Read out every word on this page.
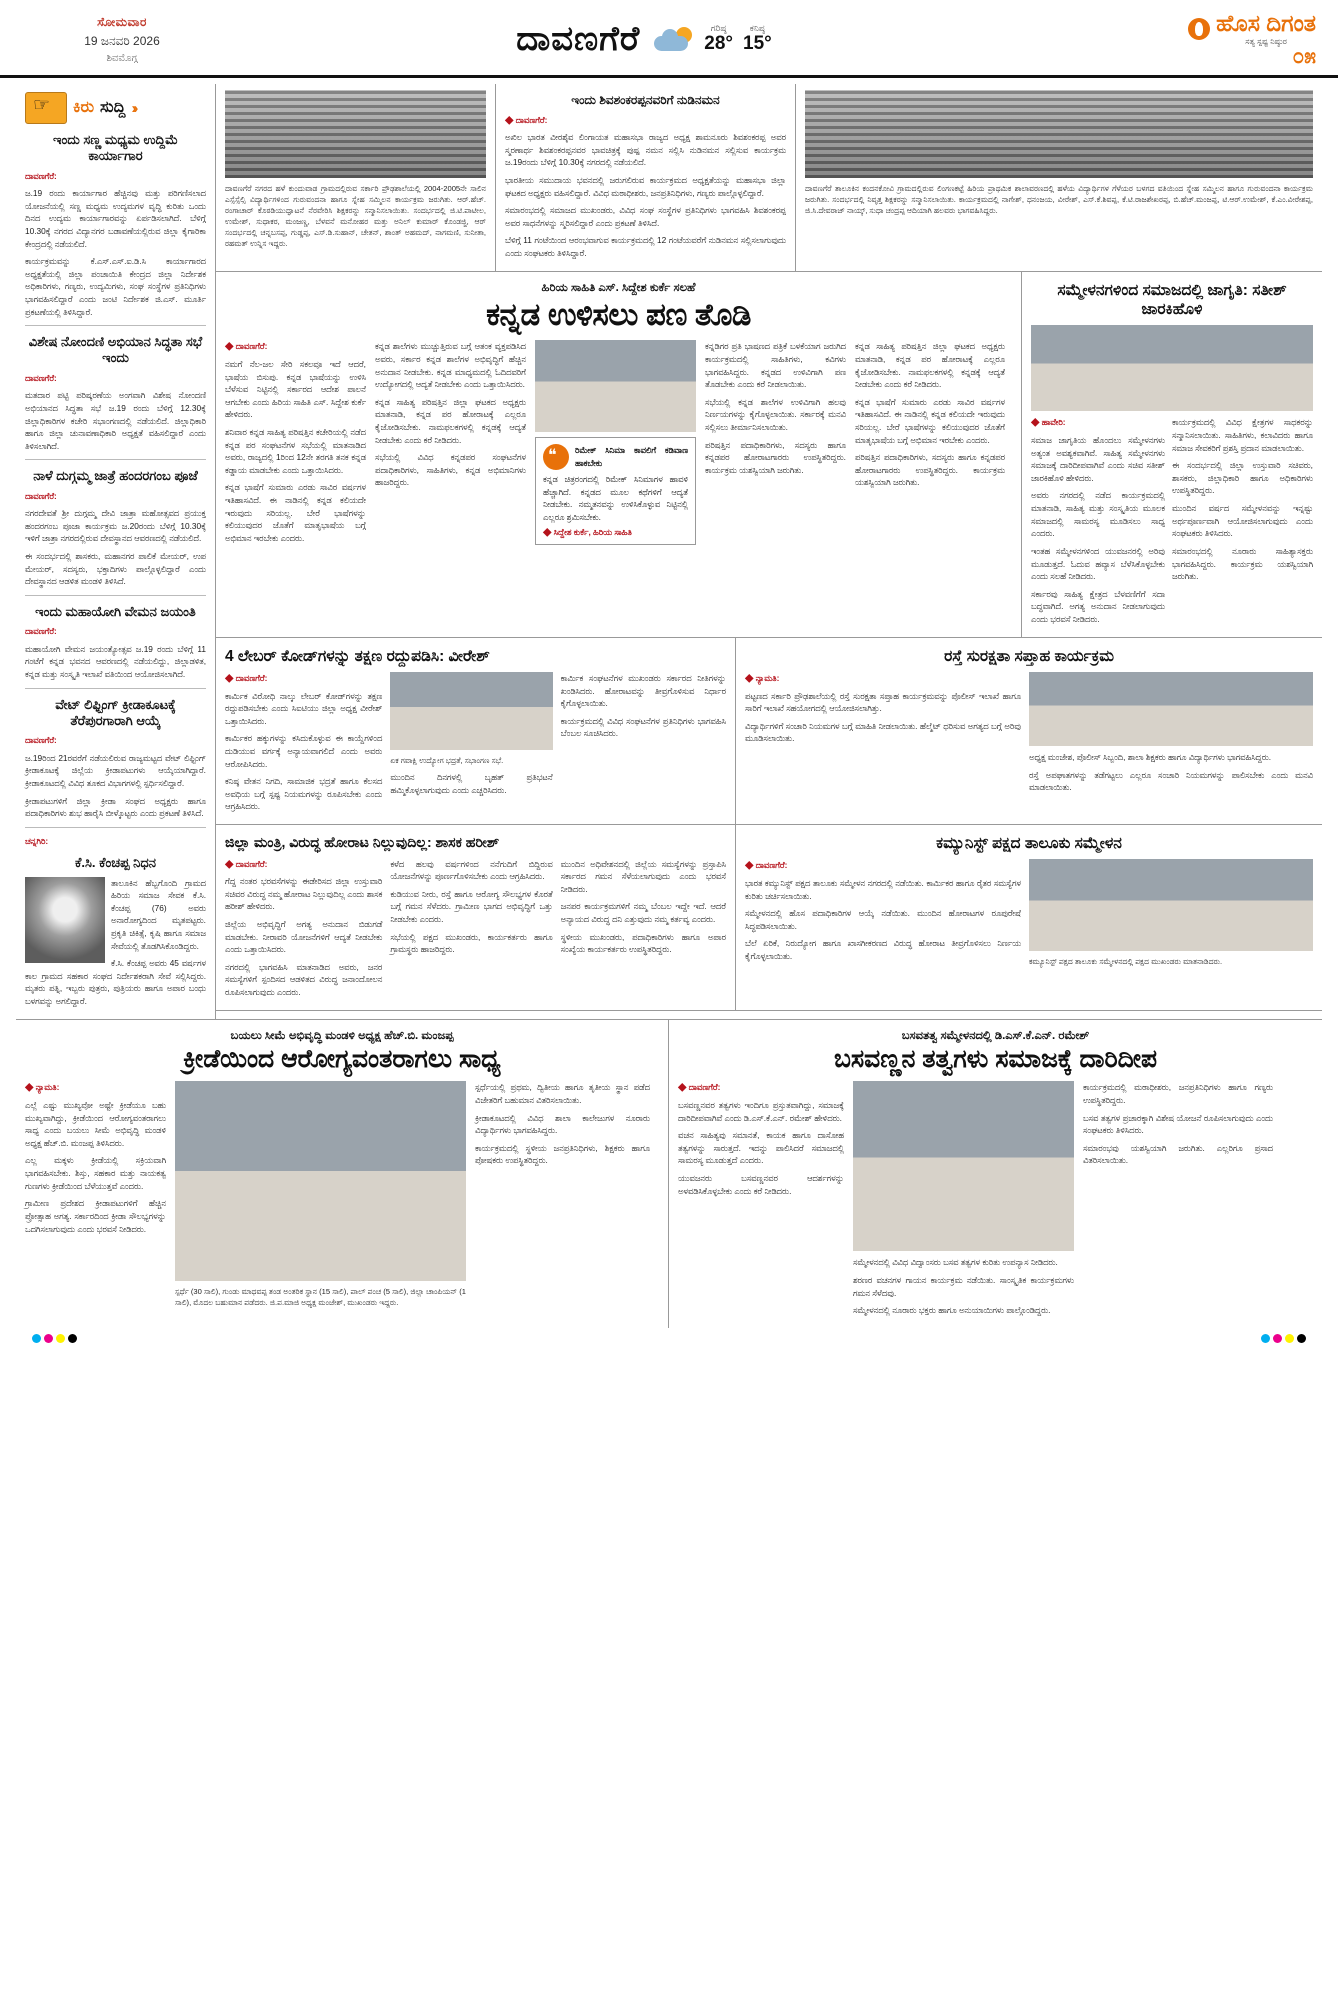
ಸೋಮವಾರ
19 ಜನವರಿ 2026
ಶಿವಮೊಗ್ಗ
ದಾವಣಗೆರೆ	ಗರಿಷ್ಠ
28°
ಕನಿಷ್ಠ
15°
ಹೊಸ ದಿಗಂತ
ಸತ್ಯ ಸ್ಪಷ್ಟ ನಿಷ್ಠುರ
೦೫
☞
ಕಿರು ಸುದ್ದಿ ››
ಇಂದು ಸಣ್ಣ ಮಧ್ಯಮ ಉದ್ದಿಮೆ ಕಾರ್ಯಾಗಾರ

ದಾವಣಗೆರೆ:

ಜ.19 ರಂದು ಕಾರ್ಯಾಗಾರ ಹೆಚ್ಚಿನವು ಮತ್ತು ಪರಿಗಣಿಸಲಾದ ಯೋಜನೆಯಲ್ಲಿ ಸಣ್ಣ ಮಧ್ಯಮ ಉದ್ಯಮಗಳ ವೃದ್ಧಿ ಕುರಿತು ಒಂದು ದಿನದ ಉದ್ಯಮ ಕಾರ್ಯಾಗಾರವನ್ನು ಏರ್ಪಡಿಸಲಾಗಿದೆ. ಬೆಳಿಗ್ಗೆ 10.30ಕ್ಕೆ ನಗರದ ವಿದ್ಯಾನಗರ ಬಡಾವಣೆಯಲ್ಲಿರುವ ಜಿಲ್ಲಾ ಕೈಗಾರಿಕಾ ಕೇಂದ್ರದಲ್ಲಿ ನಡೆಯಲಿದೆ.

ಕಾರ್ಯಕ್ರಮವನ್ನು ಕೆ.ಎಸ್.ಎಸ್.ಐ.ಡಿ.ಸಿ ಕಾರ್ಯಾಗಾರದ ಅಧ್ಯಕ್ಷತೆಯಲ್ಲಿ ಜಿಲ್ಲಾ ಪಂಚಾಯಿತಿ ಕೇಂದ್ರದ ಜಿಲ್ಲಾ ನಿರ್ದೇಶಕ ಅಧಿಕಾರಿಗಳು, ಗಣ್ಯರು, ಉದ್ಯಮಿಗಳು, ಸಂಘ ಸಂಸ್ಥೆಗಳ ಪ್ರತಿನಿಧಿಗಳು ಭಾಗವಹಿಸಲಿದ್ದಾರೆ ಎಂದು ಜಂಟಿ ನಿರ್ದೇಶಕ ಜಿ.ಎಸ್. ಮೂರ್ತಿ ಪ್ರಕಟಣೆಯಲ್ಲಿ ತಿಳಿಸಿದ್ದಾರೆ.

ವಿಶೇಷ ನೋಂದಣಿ ಅಭಿಯಾನ ಸಿದ್ಧತಾ ಸಭೆ ಇಂದು

ದಾವಣಗೆರೆ:

ಮತದಾರ ಪಟ್ಟಿ ಪರಿಷ್ಕರಣೆಯ ಅಂಗವಾಗಿ ವಿಶೇಷ ನೋಂದಣಿ ಅಭಿಯಾನದ ಸಿದ್ಧತಾ ಸಭೆ ಜ.19 ರಂದು ಬೆಳಿಗ್ಗೆ 12.30ಕ್ಕೆ ಜಿಲ್ಲಾಧಿಕಾರಿಗಳ ಕಚೇರಿ ಸಭಾಂಗಣದಲ್ಲಿ ನಡೆಯಲಿದೆ. ಜಿಲ್ಲಾಧಿಕಾರಿ ಹಾಗೂ ಜಿಲ್ಲಾ ಚುನಾವಣಾಧಿಕಾರಿ ಅಧ್ಯಕ್ಷತೆ ವಹಿಸಲಿದ್ದಾರೆ ಎಂದು ತಿಳಿಸಲಾಗಿದೆ.

ನಾಳೆ ದುಗ್ಗಮ್ಮ ಜಾತ್ರೆ ಹಂದರಗಂಬ ಪೂಜೆ

ದಾವಣಗೆರೆ:

ನಗರದೇವತೆ ಶ್ರೀ ದುಗ್ಗಮ್ಮ ದೇವಿ ಜಾತ್ರಾ ಮಹೋತ್ಸವದ ಪ್ರಯುಕ್ತ ಹಂದರಗಂಬ ಪೂಜಾ ಕಾರ್ಯಕ್ರಮ ಜ.20ರಂದು ಬೆಳಿಗ್ಗೆ 10.30ಕ್ಕೆ ಇಳಿಗೆ ಜಾತ್ರಾ ನಗರದಲ್ಲಿರುವ ದೇವಸ್ಥಾನದ ಆವರಣದಲ್ಲಿ ನಡೆಯಲಿದೆ.

ಈ ಸಂದರ್ಭದಲ್ಲಿ ಶಾಸಕರು, ಮಹಾನಗರ ಪಾಲಿಕೆ ಮೇಯರ್, ಉಪ ಮೇಯರ್, ಸದಸ್ಯರು, ಭಕ್ತಾದಿಗಳು ಪಾಲ್ಗೊಳ್ಳಲಿದ್ದಾರೆ ಎಂದು ದೇವಸ್ಥಾನದ ಆಡಳಿತ ಮಂಡಳಿ ತಿಳಿಸಿದೆ.

ಇಂದು ಮಹಾಯೋಗಿ ವೇಮನ ಜಯಂತಿ

ದಾವಣಗೆರೆ:

ಮಹಾಯೋಗಿ ವೇಮನ ಜಯಂತ್ಯೋತ್ಸವ ಜ.19 ರಂದು ಬೆಳಿಗ್ಗೆ 11 ಗಂಟೆಗೆ ಕನ್ನಡ ಭವನದ ಆವರಣದಲ್ಲಿ ನಡೆಯಲಿದ್ದು, ಜಿಲ್ಲಾಡಳಿತ, ಕನ್ನಡ ಮತ್ತು ಸಂಸ್ಕೃತಿ ಇಲಾಖೆ ವತಿಯಿಂದ ಆಯೋಜಿಸಲಾಗಿದೆ.

ವೇಟ್ ಲಿಫ್ಟಿಂಗ್ ಕ್ರೀಡಾಕೂಟಕ್ಕೆ ತೆರೆಪುರಗಾರಾಗಿ ಆಯ್ಕೆ

ದಾವಣಗೆರೆ:

ಜ.19ರಿಂದ 21ರವರೆಗೆ ನಡೆಯಲಿರುವ ರಾಜ್ಯಮಟ್ಟದ ವೇಟ್ ಲಿಫ್ಟಿಂಗ್ ಕ್ರೀಡಾಕೂಟಕ್ಕೆ ಜಿಲ್ಲೆಯ ಕ್ರೀಡಾಪಟುಗಳು ಆಯ್ಕೆಯಾಗಿದ್ದಾರೆ. ಕ್ರೀಡಾಕೂಟದಲ್ಲಿ ವಿವಿಧ ತೂಕದ ವಿಭಾಗಗಳಲ್ಲಿ ಸ್ಪರ್ಧಿಸಲಿದ್ದಾರೆ.

ಕ್ರೀಡಾಪಟುಗಳಿಗೆ ಜಿಲ್ಲಾ ಕ್ರೀಡಾ ಸಂಘದ ಅಧ್ಯಕ್ಷರು ಹಾಗೂ ಪದಾಧಿಕಾರಿಗಳು ಶುಭ ಹಾರೈಸಿ ಬೀಳ್ಕೊಟ್ಟರು ಎಂದು ಪ್ರಕಟಣೆ ತಿಳಿಸಿದೆ.

ಚನ್ನಗಿರಿ:

ಕೆ.ಸಿ. ಕೆಂಚಪ್ಪ ನಿಧನ

ತಾಲೂಕಿನ ಹೆಬ್ಬಗೊಂದಿ ಗ್ರಾಮದ ಹಿರಿಯ ಸಮಾಜ ಸೇವಕ ಕೆ.ಸಿ. ಕೆಂಚಪ್ಪ (76) ಅವರು ಅನಾರೋಗ್ಯದಿಂದ ಮೃತಪಟ್ಟರು. ಪ್ರಕೃತಿ ಚಿಕಿತ್ಸೆ, ಕೃಷಿ ಹಾಗೂ ಸಮಾಜ ಸೇವೆಯಲ್ಲಿ ತೊಡಗಿಸಿಕೊಂಡಿದ್ದರು.

ಕೆ.ಸಿ. ಕೆಂಚಪ್ಪ ಅವರು 45 ವರ್ಷಗಳ ಕಾಲ ಗ್ರಾಮದ ಸಹಕಾರ ಸಂಘದ ನಿರ್ದೇಶಕರಾಗಿ ಸೇವೆ ಸಲ್ಲಿಸಿದ್ದರು. ಮೃತರು ಪತ್ನಿ, ಇಬ್ಬರು ಪುತ್ರರು, ಪುತ್ರಿಯರು ಹಾಗೂ ಅಪಾರ ಬಂಧು ಬಳಗವನ್ನು ಅಗಲಿದ್ದಾರೆ.

ದಾವಣಗೆರೆ ನಗರದ ಹಳೆ ಕುಂದುವಾಡ ಗ್ರಾಮದಲ್ಲಿರುವ ಸರ್ಕಾರಿ ಪ್ರೌಢಶಾಲೆಯಲ್ಲಿ 2004-2005ನೇ ಸಾಲಿನ ಎಸ್ಸೆಸ್ಸೆಲ್ಸಿ ವಿದ್ಯಾರ್ಥಿಗಳಿಂದ ಗುರುವಂದನಾ ಹಾಗೂ ಸ್ನೇಹ ಸಮ್ಮಿಲನ ಕಾರ್ಯಕ್ರಮ ಜರುಗಿತು. ಆರ್.ಹೆಚ್. ರಂಗಾಚಾರ್ ಕೊಠಡಿಯುದ್ಘಾಟನೆ ನೆರವೇರಿಸಿ ಶಿಕ್ಷಕರನ್ನು ಸನ್ಮಾನಿಸಲಾಯಿತು. ಸಂದರ್ಭದಲ್ಲಿ ಜಿ.ಟಿ.ಪಾಟೀಲ, ಉಮೇಶ್, ಸುಧಾಕರ, ಮಂಜಣ್ಣ, ಬೆಳವನೆ ಮನೋಹರ ಮತ್ತು ಅನಿಲ್ ಕುಮಾರ್ ಕೊಂಡಜ್ಜಿ, ಆರ್ ಸಂದರ್ಭದಲ್ಲಿ ಚನ್ನಬಸಪ್ಪ, ಗುಡ್ಡಪ್ಪ, ಎಸ್.ಡಿ.ಸುಹಾನ್, ಚೇತನ್, ಶಾಂತ್ ಅಹಮದ್, ನಾಗಮಣಿ, ಸುನೀತಾ, ರಹಮತ್ ಉನ್ನಿಸ ಇದ್ದರು.

ಇಂದು ಶಿವಶಂಕರಪ್ಪನವರಿಗೆ ನುಡಿನಮನ

◆ ದಾವಣಗೆರೆ:

ಅಖಿಲ ಭಾರತ ವೀರಶೈವ ಲಿಂಗಾಯತ ಮಹಾಸಭಾ ರಾಜ್ಯದ ಅಧ್ಯಕ್ಷ ಶಾಮನೂರು ಶಿವಶಂಕರಪ್ಪ ಅವರ ಸ್ಮರಣಾರ್ಥ ಶಿವಶಂಕರಪ್ಪನವರ ಭಾವಚಿತ್ರಕ್ಕೆ ಪುಷ್ಪ ನಮನ ಸಲ್ಲಿಸಿ ನುಡಿನಮನ ಸಲ್ಲಿಸುವ ಕಾರ್ಯಕ್ರಮ ಜ.19ರಂದು ಬೆಳಿಗ್ಗೆ 10.30ಕ್ಕೆ ನಗರದಲ್ಲಿ ನಡೆಯಲಿದೆ.

ಭಾರತೀಯ ಸಮುದಾಯ ಭವನದಲ್ಲಿ ಜರುಗಲಿರುವ ಕಾರ್ಯಕ್ರಮದ ಅಧ್ಯಕ್ಷತೆಯನ್ನು ಮಹಾಸಭಾ ಜಿಲ್ಲಾ ಘಟಕದ ಅಧ್ಯಕ್ಷರು ವಹಿಸಲಿದ್ದಾರೆ. ವಿವಿಧ ಮಠಾಧೀಶರು, ಜನಪ್ರತಿನಿಧಿಗಳು, ಗಣ್ಯರು ಪಾಲ್ಗೊಳ್ಳಲಿದ್ದಾರೆ.

ಸಮಾರಂಭದಲ್ಲಿ ಸಮಾಜದ ಮುಖಂಡರು, ವಿವಿಧ ಸಂಘ ಸಂಸ್ಥೆಗಳ ಪ್ರತಿನಿಧಿಗಳು ಭಾಗವಹಿಸಿ ಶಿವಶಂಕರಪ್ಪ ಅವರ ಸಾಧನೆಗಳನ್ನು ಸ್ಮರಿಸಲಿದ್ದಾರೆ ಎಂದು ಪ್ರಕಟಣೆ ತಿಳಿಸಿದೆ.

ಬೆಳಿಗ್ಗೆ 11 ಗಂಟೆಯಿಂದ ಆರಂಭವಾಗುವ ಕಾರ್ಯಕ್ರಮದಲ್ಲಿ 12 ಗಂಟೆಯವರೆಗೆ ನುಡಿನಮನ ಸಲ್ಲಿಸಲಾಗುವುದು ಎಂದು ಸಂಘಟಕರು ತಿಳಿಸಿದ್ದಾರೆ.

ದಾವಣಗೆರೆ ತಾಲೂಕಿನ ಕಂದನಕೋವಿ ಗ್ರಾಮದಲ್ಲಿರುವ ಲಿಂಗಣಕಟ್ಟೆ ಹಿರಿಯ ಪ್ರಾಥಮಿಕ ಶಾಲಾವರಣದಲ್ಲಿ ಹಳೆಯ ವಿದ್ಯಾರ್ಥಿಗಳ ಗೆಳೆಯರ ಬಳಗದ ವತಿಯಿಂದ ಸ್ನೇಹ ಸಮ್ಮಿಲನ ಹಾಗೂ ಗುರುವಂದನಾ ಕಾರ್ಯಕ್ರಮ ಜರುಗಿತು. ಸಂದರ್ಭದಲ್ಲಿ ನಿವೃತ್ತ ಶಿಕ್ಷಕರನ್ನು ಸನ್ಮಾನಿಸಲಾಯಿತು. ಕಾರ್ಯಕ್ರಮದಲ್ಲಿ ನಾಗೇಶ್, ಧನಂಜಯ, ವೀರೇಶ್, ಎಸ್.ಕೆ.ಶಿವಪ್ಪ, ಕೆ.ಟಿ.ರಾಜಶೇಖರಪ್ಪ, ಬಿ.ಹೆಚ್.ಮಂಜಪ್ಪ, ಟಿ.ಆರ್.ಉಮೇಶ್, ಕೆ.ಎಂ.ವೀರೇಶಪ್ಪ, ಜಿ.ಸಿ.ದೇವರಾಜ್ ನಾಯ್ಕ್, ಸುಧಾ ಚಂದ್ರಪ್ಪ ಆದಿಯಾಗಿ ಹಲವರು ಭಾಗವಹಿಸಿದ್ದರು.

ಹಿರಿಯ ಸಾಹಿತಿ ಎಸ್. ಸಿದ್ದೇಶ ಕುರ್ಕೆ ಸಲಹೆ
ಕನ್ನಡ ಉಳಿಸಲು ಪಣ ತೊಡಿ

◆ ದಾವಣಗೆರೆ:

ನಮಗೆ ನೆಲ-ಜಲ ಸೇರಿ ಸಕಲವೂ ಇದೆ ಆದರೆ, ಭಾಷೆಯ ಬಿಸುಪು. ಕನ್ನಡ ಭಾಷೆಯನ್ನು ಉಳಿಸಿ ಬೆಳೆಸುವ ನಿಟ್ಟಿನಲ್ಲಿ ಸರ್ಕಾರದ ಆದೇಶ ಪಾಲನೆ ಆಗಬೇಕು ಎಂದು ಹಿರಿಯ ಸಾಹಿತಿ ಎಸ್. ಸಿದ್ದೇಶ ಕುರ್ಕೆ ಹೇಳಿದರು.

ಶನಿವಾರ ಕನ್ನಡ ಸಾಹಿತ್ಯ ಪರಿಷತ್ತಿನ ಕಚೇರಿಯಲ್ಲಿ ನಡೆದ ಕನ್ನಡ ಪರ ಸಂಘಟನೆಗಳ ಸಭೆಯಲ್ಲಿ ಮಾತನಾಡಿದ ಅವರು, ರಾಜ್ಯದಲ್ಲಿ 1ರಿಂದ 12ನೇ ತರಗತಿ ತನಕ ಕನ್ನಡ ಕಡ್ಡಾಯ ಮಾಡಬೇಕು ಎಂದು ಒತ್ತಾಯಿಸಿದರು.

ಕನ್ನಡ ಭಾಷೆಗೆ ಸುಮಾರು ಎರಡು ಸಾವಿರ ವರ್ಷಗಳ ಇತಿಹಾಸವಿದೆ. ಈ ನಾಡಿನಲ್ಲಿ ಕನ್ನಡ ಕಲಿಯದೇ ಇರುವುದು ಸರಿಯಲ್ಲ. ಬೇರೆ ಭಾಷೆಗಳನ್ನು ಕಲಿಯುವುದರ ಜೊತೆಗೆ ಮಾತೃಭಾಷೆಯ ಬಗ್ಗೆ ಅಭಿಮಾನ ಇರಬೇಕು ಎಂದರು.

ಕನ್ನಡ ಶಾಲೆಗಳು ಮುಚ್ಚುತ್ತಿರುವ ಬಗ್ಗೆ ಆತಂಕ ವ್ಯಕ್ತಪಡಿಸಿದ ಅವರು, ಸರ್ಕಾರ ಕನ್ನಡ ಶಾಲೆಗಳ ಅಭಿವೃದ್ಧಿಗೆ ಹೆಚ್ಚಿನ ಅನುದಾನ ನೀಡಬೇಕು. ಕನ್ನಡ ಮಾಧ್ಯಮದಲ್ಲಿ ಓದಿದವರಿಗೆ ಉದ್ಯೋಗದಲ್ಲಿ ಆದ್ಯತೆ ನೀಡಬೇಕು ಎಂದು ಒತ್ತಾಯಿಸಿದರು.

ಕನ್ನಡ ಸಾಹಿತ್ಯ ಪರಿಷತ್ತಿನ ಜಿಲ್ಲಾ ಘಟಕದ ಅಧ್ಯಕ್ಷರು ಮಾತನಾಡಿ, ಕನ್ನಡ ಪರ ಹೋರಾಟಕ್ಕೆ ಎಲ್ಲರೂ ಕೈಜೋಡಿಸಬೇಕು. ನಾಮಫಲಕಗಳಲ್ಲಿ ಕನ್ನಡಕ್ಕೆ ಆದ್ಯತೆ ನೀಡಬೇಕು ಎಂದು ಕರೆ ನೀಡಿದರು.

ಸಭೆಯಲ್ಲಿ ವಿವಿಧ ಕನ್ನಡಪರ ಸಂಘಟನೆಗಳ ಪದಾಧಿಕಾರಿಗಳು, ಸಾಹಿತಿಗಳು, ಕನ್ನಡ ಅಭಿಮಾನಿಗಳು ಹಾಜರಿದ್ದರು.

❝

ರಿಮೇಕ್ ಸಿನಿಮಾ ಕಾವಲಿಗೆ ಕಡಿವಾಣ ಹಾಕಬೇಕು

ಕನ್ನಡ ಚಿತ್ರರಂಗದಲ್ಲಿ ರಿಮೇಕ್ ಸಿನಿಮಾಗಳ ಹಾವಳಿ ಹೆಚ್ಚಾಗಿದೆ. ಕನ್ನಡದ ಮೂಲ ಕಥೆಗಳಿಗೆ ಆದ್ಯತೆ ನೀಡಬೇಕು. ನಮ್ಮತನವನ್ನು ಉಳಿಸಿಕೊಳ್ಳುವ ನಿಟ್ಟಿನಲ್ಲಿ ಎಲ್ಲರೂ ಶ್ರಮಿಸಬೇಕು.

◆ ಸಿದ್ದೇಶ ಕುರ್ಕೆ, ಹಿರಿಯ ಸಾಹಿತಿ

ಕನ್ನಡಿಗರ ಪ್ರತಿ ಭಾಷಣದ ಪತ್ರಿಕೆ ಬಳಕೆಯಾಗ ಜರುಗಿದ ಕಾರ್ಯಕ್ರಮದಲ್ಲಿ ಸಾಹಿತಿಗಳು, ಕವಿಗಳು ಭಾಗವಹಿಸಿದ್ದರು. ಕನ್ನಡದ ಉಳಿವಿಗಾಗಿ ಪಣ ತೊಡಬೇಕು ಎಂದು ಕರೆ ನೀಡಲಾಯಿತು.

ಸಭೆಯಲ್ಲಿ ಕನ್ನಡ ಶಾಲೆಗಳ ಉಳಿವಿಗಾಗಿ ಹಲವು ನಿರ್ಣಯಗಳನ್ನು ಕೈಗೊಳ್ಳಲಾಯಿತು. ಸರ್ಕಾರಕ್ಕೆ ಮನವಿ ಸಲ್ಲಿಸಲು ತೀರ್ಮಾನಿಸಲಾಯಿತು.

ಪರಿಷತ್ತಿನ ಪದಾಧಿಕಾರಿಗಳು, ಸದಸ್ಯರು ಹಾಗೂ ಕನ್ನಡಪರ ಹೋರಾಟಗಾರರು ಉಪಸ್ಥಿತರಿದ್ದರು. ಕಾರ್ಯಕ್ರಮ ಯಶಸ್ವಿಯಾಗಿ ಜರುಗಿತು.

ಕನ್ನಡ ಸಾಹಿತ್ಯ ಪರಿಷತ್ತಿನ ಜಿಲ್ಲಾ ಘಟಕದ ಅಧ್ಯಕ್ಷರು ಮಾತನಾಡಿ, ಕನ್ನಡ ಪರ ಹೋರಾಟಕ್ಕೆ ಎಲ್ಲರೂ ಕೈಜೋಡಿಸಬೇಕು. ನಾಮಫಲಕಗಳಲ್ಲಿ ಕನ್ನಡಕ್ಕೆ ಆದ್ಯತೆ ನೀಡಬೇಕು ಎಂದು ಕರೆ ನೀಡಿದರು.

ಕನ್ನಡ ಭಾಷೆಗೆ ಸುಮಾರು ಎರಡು ಸಾವಿರ ವರ್ಷಗಳ ಇತಿಹಾಸವಿದೆ. ಈ ನಾಡಿನಲ್ಲಿ ಕನ್ನಡ ಕಲಿಯದೇ ಇರುವುದು ಸರಿಯಲ್ಲ. ಬೇರೆ ಭಾಷೆಗಳನ್ನು ಕಲಿಯುವುದರ ಜೊತೆಗೆ ಮಾತೃಭಾಷೆಯ ಬಗ್ಗೆ ಅಭಿಮಾನ ಇರಬೇಕು ಎಂದರು.

ಪರಿಷತ್ತಿನ ಪದಾಧಿಕಾರಿಗಳು, ಸದಸ್ಯರು ಹಾಗೂ ಕನ್ನಡಪರ ಹೋರಾಟಗಾರರು ಉಪಸ್ಥಿತರಿದ್ದರು. ಕಾರ್ಯಕ್ರಮ ಯಶಸ್ವಿಯಾಗಿ ಜರುಗಿತು.

ಸಮ್ಮೇಳನಗಳಿಂದ ಸಮಾಜದಲ್ಲಿ ಜಾಗೃತಿ: ಸತೀಶ್ ಜಾರಕಿಹೊಳಿ

◆ ಹಾವೇರಿ:

ಸಮಾಜ ಜಾಗೃತಿಯ ಹೊಂದಲು ಸಮ್ಮೇಳನಗಳು ಅತ್ಯಂತ ಅವಶ್ಯಕವಾಗಿವೆ. ಸಾಹಿತ್ಯ ಸಮ್ಮೇಳನಗಳು ಸಮಾಜಕ್ಕೆ ದಾರಿದೀಪವಾಗಿವೆ ಎಂದು ಸಚಿವ ಸತೀಶ್ ಜಾರಕಿಹೊಳಿ ಹೇಳಿದರು.

ಅವರು ನಗರದಲ್ಲಿ ನಡೆದ ಕಾರ್ಯಕ್ರಮದಲ್ಲಿ ಮಾತನಾಡಿ, ಸಾಹಿತ್ಯ ಮತ್ತು ಸಂಸ್ಕೃತಿಯ ಮೂಲಕ ಸಮಾಜದಲ್ಲಿ ಸಾಮರಸ್ಯ ಮೂಡಿಸಲು ಸಾಧ್ಯ ಎಂದರು.

ಇಂತಹ ಸಮ್ಮೇಳನಗಳಿಂದ ಯುವಜನರಲ್ಲಿ ಅರಿವು ಮೂಡುತ್ತದೆ. ಓದುವ ಹವ್ಯಾಸ ಬೆಳೆಸಿಕೊಳ್ಳಬೇಕು ಎಂದು ಸಲಹೆ ನೀಡಿದರು.

ಸರ್ಕಾರವು ಸಾಹಿತ್ಯ ಕ್ಷೇತ್ರದ ಬೆಳವಣಿಗೆಗೆ ಸದಾ ಬದ್ಧವಾಗಿದೆ. ಅಗತ್ಯ ಅನುದಾನ ನೀಡಲಾಗುವುದು ಎಂದು ಭರವಸೆ ನೀಡಿದರು.

ಕಾರ್ಯಕ್ರಮದಲ್ಲಿ ವಿವಿಧ ಕ್ಷೇತ್ರಗಳ ಸಾಧಕರನ್ನು ಸನ್ಮಾನಿಸಲಾಯಿತು. ಸಾಹಿತಿಗಳು, ಕಲಾವಿದರು ಹಾಗೂ ಸಮಾಜ ಸೇವಕರಿಗೆ ಪ್ರಶಸ್ತಿ ಪ್ರದಾನ ಮಾಡಲಾಯಿತು.

ಈ ಸಂದರ್ಭದಲ್ಲಿ ಜಿಲ್ಲಾ ಉಸ್ತುವಾರಿ ಸಚಿವರು, ಶಾಸಕರು, ಜಿಲ್ಲಾಧಿಕಾರಿ ಹಾಗೂ ಅಧಿಕಾರಿಗಳು ಉಪಸ್ಥಿತರಿದ್ದರು.

ಮುಂದಿನ ವರ್ಷದ ಸಮ್ಮೇಳನವನ್ನು ಇನ್ನಷ್ಟು ಅರ್ಥಪೂರ್ಣವಾಗಿ ಆಯೋಜಿಸಲಾಗುವುದು ಎಂದು ಸಂಘಟಕರು ತಿಳಿಸಿದರು.

ಸಮಾರಂಭದಲ್ಲಿ ನೂರಾರು ಸಾಹಿತ್ಯಾಸಕ್ತರು ಭಾಗವಹಿಸಿದ್ದರು. ಕಾರ್ಯಕ್ರಮ ಯಶಸ್ವಿಯಾಗಿ ಜರುಗಿತು.

4 ಲೇಬರ್ ಕೋಡ್‌ಗಳನ್ನು ತಕ್ಷಣ ರದ್ದುಪಡಿಸಿ: ವೀರೇಶ್

◆ ದಾವಣಗೆರೆ:

ಕಾರ್ಮಿಕ ವಿರೋಧಿ ನಾಲ್ಕು ಲೇಬರ್ ಕೋಡ್‌ಗಳನ್ನು ತಕ್ಷಣ ರದ್ದುಪಡಿಸಬೇಕು ಎಂದು ಸಿಐಟಿಯು ಜಿಲ್ಲಾ ಅಧ್ಯಕ್ಷ ವೀರೇಶ್ ಒತ್ತಾಯಿಸಿದರು.

ಕಾರ್ಮಿಕರ ಹಕ್ಕುಗಳನ್ನು ಕಸಿದುಕೊಳ್ಳುವ ಈ ಕಾಯ್ದೆಗಳಿಂದ ದುಡಿಯುವ ವರ್ಗಕ್ಕೆ ಅನ್ಯಾಯವಾಗಲಿದೆ ಎಂದು ಅವರು ಆರೋಪಿಸಿದರು.

ಕನಿಷ್ಠ ವೇತನ ನಿಗದಿ, ಸಾಮಾಜಿಕ ಭದ್ರತೆ ಹಾಗೂ ಕೆಲಸದ ಅವಧಿಯ ಬಗ್ಗೆ ಸ್ಪಷ್ಟ ನಿಯಮಗಳನ್ನು ರೂಪಿಸಬೇಕು ಎಂದು ಆಗ್ರಹಿಸಿದರು.

ಏಕ ಗವಾಕ್ಷಿ ಉದ್ಯೋಗ ಭದ್ರತೆ, ಸಭಾಂಗಣ ಸಭೆ.

ಮುಂದಿನ ದಿನಗಳಲ್ಲಿ ಬೃಹತ್ ಪ್ರತಿಭಟನೆ ಹಮ್ಮಿಕೊಳ್ಳಲಾಗುವುದು ಎಂದು ಎಚ್ಚರಿಸಿದರು.

ಕಾರ್ಮಿಕ ಸಂಘಟನೆಗಳ ಮುಖಂಡರು ಸರ್ಕಾರದ ನೀತಿಗಳನ್ನು ಖಂಡಿಸಿದರು. ಹೋರಾಟವನ್ನು ತೀವ್ರಗೊಳಿಸುವ ನಿರ್ಧಾರ ಕೈಗೊಳ್ಳಲಾಯಿತು.

ಕಾರ್ಯಕ್ರಮದಲ್ಲಿ ವಿವಿಧ ಸಂಘಟನೆಗಳ ಪ್ರತಿನಿಧಿಗಳು ಭಾಗವಹಿಸಿ ಬೆಂಬಲ ಸೂಚಿಸಿದರು.

ರಸ್ತೆ ಸುರಕ್ಷತಾ ಸಪ್ತಾಹ ಕಾರ್ಯಕ್ರಮ

◆ ನ್ಯಾಮತಿ:

ಪಟ್ಟಣದ ಸರ್ಕಾರಿ ಪ್ರೌಢಶಾಲೆಯಲ್ಲಿ ರಸ್ತೆ ಸುರಕ್ಷತಾ ಸಪ್ತಾಹ ಕಾರ್ಯಕ್ರಮವನ್ನು ಪೊಲೀಸ್ ಇಲಾಖೆ ಹಾಗೂ ಸಾರಿಗೆ ಇಲಾಖೆ ಸಹಯೋಗದಲ್ಲಿ ಆಯೋಜಿಸಲಾಗಿತ್ತು.

ವಿದ್ಯಾರ್ಥಿಗಳಿಗೆ ಸಂಚಾರಿ ನಿಯಮಗಳ ಬಗ್ಗೆ ಮಾಹಿತಿ ನೀಡಲಾಯಿತು. ಹೆಲ್ಮೆಟ್ ಧರಿಸುವ ಅಗತ್ಯದ ಬಗ್ಗೆ ಅರಿವು ಮೂಡಿಸಲಾಯಿತು.

ಅಧ್ಯಕ್ಷ ಮಂಜೇಶ, ಪೊಲೀಸ್ ಸಿಬ್ಬಂದಿ, ಶಾಲಾ ಶಿಕ್ಷಕರು ಹಾಗೂ ವಿದ್ಯಾರ್ಥಿಗಳು ಭಾಗವಹಿಸಿದ್ದರು.

ರಸ್ತೆ ಅಪಘಾತಗಳನ್ನು ತಡೆಗಟ್ಟಲು ಎಲ್ಲರೂ ಸಂಚಾರಿ ನಿಯಮಗಳನ್ನು ಪಾಲಿಸಬೇಕು ಎಂದು ಮನವಿ ಮಾಡಲಾಯಿತು.

ಜಿಲ್ಲಾ ಮಂತ್ರಿ, ವಿರುದ್ಧ ಹೋರಾಟ ನಿಲ್ಲುವುದಿಲ್ಲ: ಶಾಸಕ ಹರೀಶ್

◆ ದಾವಣಗೆರೆ:

ಗೆದ್ದ ನಂತರ ಭರವಸೆಗಳನ್ನು ಈಡೇರಿಸದ ಜಿಲ್ಲಾ ಉಸ್ತುವಾರಿ ಸಚಿವರ ವಿರುದ್ಧ ನಮ್ಮ ಹೋರಾಟ ನಿಲ್ಲುವುದಿಲ್ಲ ಎಂದು ಶಾಸಕ ಹರೀಶ್ ಹೇಳಿದರು.

ಜಿಲ್ಲೆಯ ಅಭಿವೃದ್ಧಿಗೆ ಅಗತ್ಯ ಅನುದಾನ ಬಿಡುಗಡೆ ಮಾಡಬೇಕು. ನೀರಾವರಿ ಯೋಜನೆಗಳಿಗೆ ಆದ್ಯತೆ ನೀಡಬೇಕು ಎಂದು ಒತ್ತಾಯಿಸಿದರು.

ನಗರದಲ್ಲಿ ಭಾಗವಹಿಸಿ ಮಾತನಾಡಿದ ಅವರು, ಜನರ ಸಮಸ್ಯೆಗಳಿಗೆ ಸ್ಪಂದಿಸದ ಆಡಳಿತದ ವಿರುದ್ಧ ಜನಾಂದೋಲನ ರೂಪಿಸಲಾಗುವುದು ಎಂದರು.

ಕಳೆದ ಹಲವು ವರ್ಷಗಳಿಂದ ನನೆಗುದಿಗೆ ಬಿದ್ದಿರುವ ಯೋಜನೆಗಳನ್ನು ಪೂರ್ಣಗೊಳಿಸಬೇಕು ಎಂದು ಆಗ್ರಹಿಸಿದರು.

ಕುಡಿಯುವ ನೀರು, ರಸ್ತೆ ಹಾಗೂ ಆರೋಗ್ಯ ಸೌಲಭ್ಯಗಳ ಕೊರತೆ ಬಗ್ಗೆ ಗಮನ ಸೆಳೆದರು. ಗ್ರಾಮೀಣ ಭಾಗದ ಅಭಿವೃದ್ಧಿಗೆ ಒತ್ತು ನೀಡಬೇಕು ಎಂದರು.

ಸಭೆಯಲ್ಲಿ ಪಕ್ಷದ ಮುಖಂಡರು, ಕಾರ್ಯಕರ್ತರು ಹಾಗೂ ಗ್ರಾಮಸ್ಥರು ಹಾಜರಿದ್ದರು.

ಮುಂದಿನ ಅಧಿವೇಶನದಲ್ಲಿ ಜಿಲ್ಲೆಯ ಸಮಸ್ಯೆಗಳನ್ನು ಪ್ರಸ್ತಾಪಿಸಿ ಸರ್ಕಾರದ ಗಮನ ಸೆಳೆಯಲಾಗುವುದು ಎಂದು ಭರವಸೆ ನೀಡಿದರು.

ಜನಪರ ಕಾರ್ಯಕ್ರಮಗಳಿಗೆ ನಮ್ಮ ಬೆಂಬಲ ಇದ್ದೇ ಇದೆ. ಆದರೆ ಅನ್ಯಾಯದ ವಿರುದ್ಧ ದನಿ ಎತ್ತುವುದು ನಮ್ಮ ಕರ್ತವ್ಯ ಎಂದರು.

ಸ್ಥಳೀಯ ಮುಖಂಡರು, ಪದಾಧಿಕಾರಿಗಳು ಹಾಗೂ ಅಪಾರ ಸಂಖ್ಯೆಯ ಕಾರ್ಯಕರ್ತರು ಉಪಸ್ಥಿತರಿದ್ದರು.

ಕಮ್ಯುನಿಸ್ಟ್ ಪಕ್ಷದ ತಾಲೂಕು ಸಮ್ಮೇಳನ

◆ ದಾವಣಗೆರೆ:

ಭಾರತ ಕಮ್ಯುನಿಸ್ಟ್ ಪಕ್ಷದ ತಾಲೂಕು ಸಮ್ಮೇಳನ ನಗರದಲ್ಲಿ ನಡೆಯಿತು. ಕಾರ್ಮಿಕರ ಹಾಗೂ ರೈತರ ಸಮಸ್ಯೆಗಳ ಕುರಿತು ಚರ್ಚಿಸಲಾಯಿತು.

ಸಮ್ಮೇಳನದಲ್ಲಿ ಹೊಸ ಪದಾಧಿಕಾರಿಗಳ ಆಯ್ಕೆ ನಡೆಯಿತು. ಮುಂದಿನ ಹೋರಾಟಗಳ ರೂಪುರೇಷೆ ಸಿದ್ಧಪಡಿಸಲಾಯಿತು.

ಬೆಲೆ ಏರಿಕೆ, ನಿರುದ್ಯೋಗ ಹಾಗೂ ಖಾಸಗೀಕರಣದ ವಿರುದ್ಧ ಹೋರಾಟ ತೀವ್ರಗೊಳಿಸಲು ನಿರ್ಣಯ ಕೈಗೊಳ್ಳಲಾಯಿತು.

ಕಮ್ಯೂನಿಸ್ಟ್ ಪಕ್ಷದ ತಾಲೂಕು ಸಮ್ಮೇಳನದಲ್ಲಿ ಪಕ್ಷದ ಮುಖಂಡರು ಮಾತನಾಡಿದರು.

ಬಯಲು ಸೀಮೆ ಅಭಿವೃದ್ಧಿ ಮಂಡಳಿ ಅಧ್ಯಕ್ಷ ಹೆಚ್.ಬಿ. ಮಂಜಪ್ಪ
ಕ್ರೀಡೆಯಿಂದ ಆರೋಗ್ಯವಂತರಾಗಲು ಸಾಧ್ಯ

◆ ನ್ಯಾಮತಿ:

ಎಲ್ಲೆ ಎಷ್ಟು ಮುಖ್ಯವೋ ಅಷ್ಟೇ ಕ್ರೀಡೆಯೂ ಬಹು ಮುಖ್ಯವಾಗಿದ್ದು, ಕ್ರೀಡೆಯಿಂದ ಆರೋಗ್ಯವಂತರಾಗಲು ಸಾಧ್ಯ ಎಂದು ಬಯಲು ಸೀಮೆ ಅಭಿವೃದ್ಧಿ ಮಂಡಳಿ ಅಧ್ಯಕ್ಷ ಹೆಚ್.ಬಿ. ಮಂಜಪ್ಪ ತಿಳಿಸಿದರು.

ಎಲ್ಲ ಮಕ್ಕಳು ಕ್ರೀಡೆಯಲ್ಲಿ ಸಕ್ರಿಯವಾಗಿ ಭಾಗವಹಿಸಬೇಕು. ಶಿಸ್ತು, ಸಹಕಾರ ಮತ್ತು ನಾಯಕತ್ವ ಗುಣಗಳು ಕ್ರೀಡೆಯಿಂದ ಬೆಳೆಯುತ್ತವೆ ಎಂದರು.

ಗ್ರಾಮೀಣ ಪ್ರದೇಶದ ಕ್ರೀಡಾಪಟುಗಳಿಗೆ ಹೆಚ್ಚಿನ ಪ್ರೋತ್ಸಾಹ ಅಗತ್ಯ. ಸರ್ಕಾರದಿಂದ ಕ್ರೀಡಾ ಸೌಲಭ್ಯಗಳನ್ನು ಒದಗಿಸಲಾಗುವುದು ಎಂದು ಭರವಸೆ ನೀಡಿದರು.

ಸ್ಪರ್ಧೆ (30 ಸಾಲಿ), ಗುಂಡು ಮಾಧವಪ್ಪ ತಂಡ ಅಂತರಿಕ ಸ್ಥಾನ (15 ಸಾಲಿ), ಪಾಲ್ ಪಂಚ (5 ಸಾಲಿ), ಜಿಲ್ಲಾ ಚಾಂಪಿಯನ್ (1 ಸಾಲಿ), ಮೊದಲ ಬಹುಮಾನ ಪಡೆದರು. ಜಿ.ಪ.ಮಾಜಿ ಅಧ್ಯಕ್ಷ ಮಂಜೇಶ್, ಮುಖಂಡರು ಇದ್ದರು.

ಸ್ಪರ್ಧೆಯಲ್ಲಿ ಪ್ರಥಮ, ದ್ವಿತೀಯ ಹಾಗೂ ತೃತೀಯ ಸ್ಥಾನ ಪಡೆದ ವಿಜೇತರಿಗೆ ಬಹುಮಾನ ವಿತರಿಸಲಾಯಿತು.

ಕ್ರೀಡಾಕೂಟದಲ್ಲಿ ವಿವಿಧ ಶಾಲಾ ಕಾಲೇಜುಗಳ ನೂರಾರು ವಿದ್ಯಾರ್ಥಿಗಳು ಭಾಗವಹಿಸಿದ್ದರು.

ಕಾರ್ಯಕ್ರಮದಲ್ಲಿ ಸ್ಥಳೀಯ ಜನಪ್ರತಿನಿಧಿಗಳು, ಶಿಕ್ಷಕರು ಹಾಗೂ ಪೋಷಕರು ಉಪಸ್ಥಿತರಿದ್ದರು.

ಬಸವತತ್ವ ಸಮ್ಮೇಳನದಲ್ಲಿ ಡಿ.ಎಸ್.ಕೆ.ಎನ್. ರಮೇಶ್
ಬಸವಣ್ಣನ ತತ್ವಗಳು ಸಮಾಜಕ್ಕೆ ದಾರಿದೀಪ

◆ ದಾವಣಗೆರೆ:

ಬಸವಣ್ಣನವರ ತತ್ವಗಳು ಇಂದಿಗೂ ಪ್ರಸ್ತುತವಾಗಿದ್ದು, ಸಮಾಜಕ್ಕೆ ದಾರಿದೀಪವಾಗಿವೆ ಎಂದು ಡಿ.ಎಸ್.ಕೆ.ಎನ್. ರಮೇಶ್ ಹೇಳಿದರು.

ವಚನ ಸಾಹಿತ್ಯವು ಸಮಾನತೆ, ಕಾಯಕ ಹಾಗೂ ದಾಸೋಹ ತತ್ವಗಳನ್ನು ಸಾರುತ್ತದೆ. ಇದನ್ನು ಪಾಲಿಸಿದರೆ ಸಮಾಜದಲ್ಲಿ ಸಾಮರಸ್ಯ ಮೂಡುತ್ತದೆ ಎಂದರು.

ಯುವಜನರು ಬಸವಣ್ಣನವರ ಆದರ್ಶಗಳನ್ನು ಅಳವಡಿಸಿಕೊಳ್ಳಬೇಕು ಎಂದು ಕರೆ ನೀಡಿದರು.

ಸಮ್ಮೇಳನದಲ್ಲಿ ವಿವಿಧ ವಿದ್ವಾಂಸರು ಬಸವ ತತ್ವಗಳ ಕುರಿತು ಉಪನ್ಯಾಸ ನೀಡಿದರು.

ಶರಣರ ವಚನಗಳ ಗಾಯನ ಕಾರ್ಯಕ್ರಮ ನಡೆಯಿತು. ಸಾಂಸ್ಕೃತಿಕ ಕಾರ್ಯಕ್ರಮಗಳು ಗಮನ ಸೆಳೆದವು.

ಸಮ್ಮೇಳನದಲ್ಲಿ ನೂರಾರು ಭಕ್ತರು ಹಾಗೂ ಅನುಯಾಯಿಗಳು ಪಾಲ್ಗೊಂಡಿದ್ದರು.

ಕಾರ್ಯಕ್ರಮದಲ್ಲಿ ಮಠಾಧೀಶರು, ಜನಪ್ರತಿನಿಧಿಗಳು ಹಾಗೂ ಗಣ್ಯರು ಉಪಸ್ಥಿತರಿದ್ದರು.

ಬಸವ ತತ್ವಗಳ ಪ್ರಚಾರಕ್ಕಾಗಿ ವಿಶೇಷ ಯೋಜನೆ ರೂಪಿಸಲಾಗುವುದು ಎಂದು ಸಂಘಟಕರು ತಿಳಿಸಿದರು.

ಸಮಾರಂಭವು ಯಶಸ್ವಿಯಾಗಿ ಜರುಗಿತು. ಎಲ್ಲರಿಗೂ ಪ್ರಸಾದ ವಿತರಿಸಲಾಯಿತು.
